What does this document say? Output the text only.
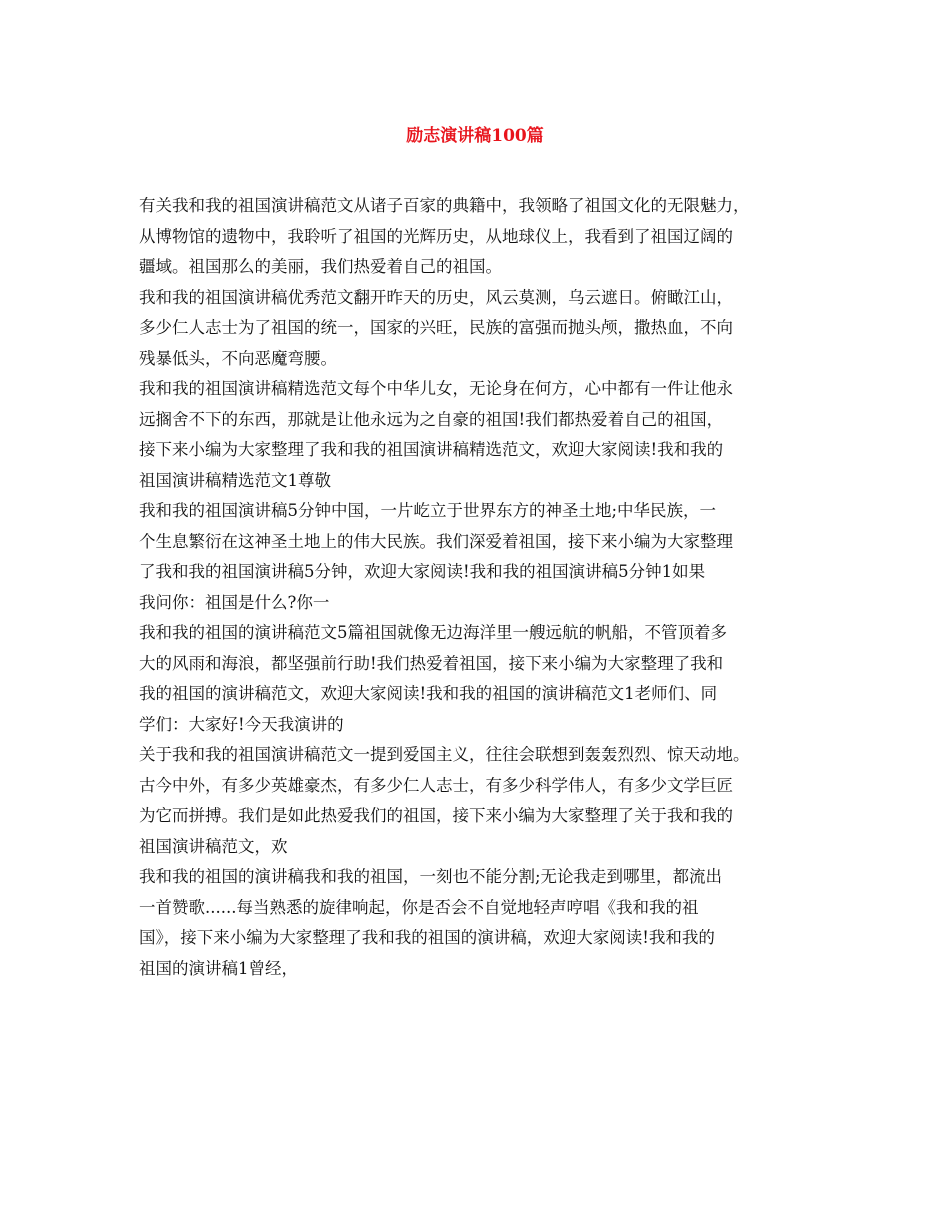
励志演讲稿100篇
有关我和我的祖国演讲稿范文从诸子百家的典籍中，我领略了祖国文化的无限魅力，
从博物馆的遗物中，我聆听了祖国的光辉历史，从地球仪上，我看到了祖国辽阔的
疆域。祖国那么的美丽，我们热爱着自己的祖国。
我和我的祖国演讲稿优秀范文翻开昨天的历史，风云莫测，乌云遮日。俯瞰江山，
多少仁人志士为了祖国的统一，国家的兴旺，民族的富强而抛头颅，撒热血，不向
残暴低头，不向恶魔弯腰。
我和我的祖国演讲稿精选范文每个中华儿女，无论身在何方，心中都有一件让他永
远搁舍不下的东西，那就是让他永远为之自豪的祖国!我们都热爱着自己的祖国，
接下来小编为大家整理了我和我的祖国演讲稿精选范文，欢迎大家阅读!我和我的
祖国演讲稿精选范文1尊敬
我和我的祖国演讲稿5分钟中国，一片屹立于世界东方的神圣土地;中华民族，一
个生息繁衍在这神圣土地上的伟大民族。我们深爱着祖国，接下来小编为大家整理
了我和我的祖国演讲稿5分钟，欢迎大家阅读!我和我的祖国演讲稿5分钟1如果
我问你：祖国是什么?你一
我和我的祖国的演讲稿范文5篇祖国就像无边海洋里一艘远航的帆船，不管顶着多
大的风雨和海浪，都坚强前行助!我们热爱着祖国，接下来小编为大家整理了我和
我的祖国的演讲稿范文，欢迎大家阅读!我和我的祖国的演讲稿范文1老师们、同
学们：大家好!今天我演讲的
关于我和我的祖国演讲稿范文一提到爱国主义，往往会联想到轰轰烈烈、惊天动地。
古今中外，有多少英雄豪杰，有多少仁人志士，有多少科学伟人，有多少文学巨匠
为它而拼搏。我们是如此热爱我们的祖国，接下来小编为大家整理了关于我和我的
祖国演讲稿范文，欢
我和我的祖国的演讲稿我和我的祖国，一刻也不能分割;无论我走到哪里，都流出
一首赞歌......每当熟悉的旋律响起，你是否会不自觉地轻声哼唱《我和我的祖
国》，接下来小编为大家整理了我和我的祖国的演讲稿，欢迎大家阅读!我和我的
祖国的演讲稿1曾经，
